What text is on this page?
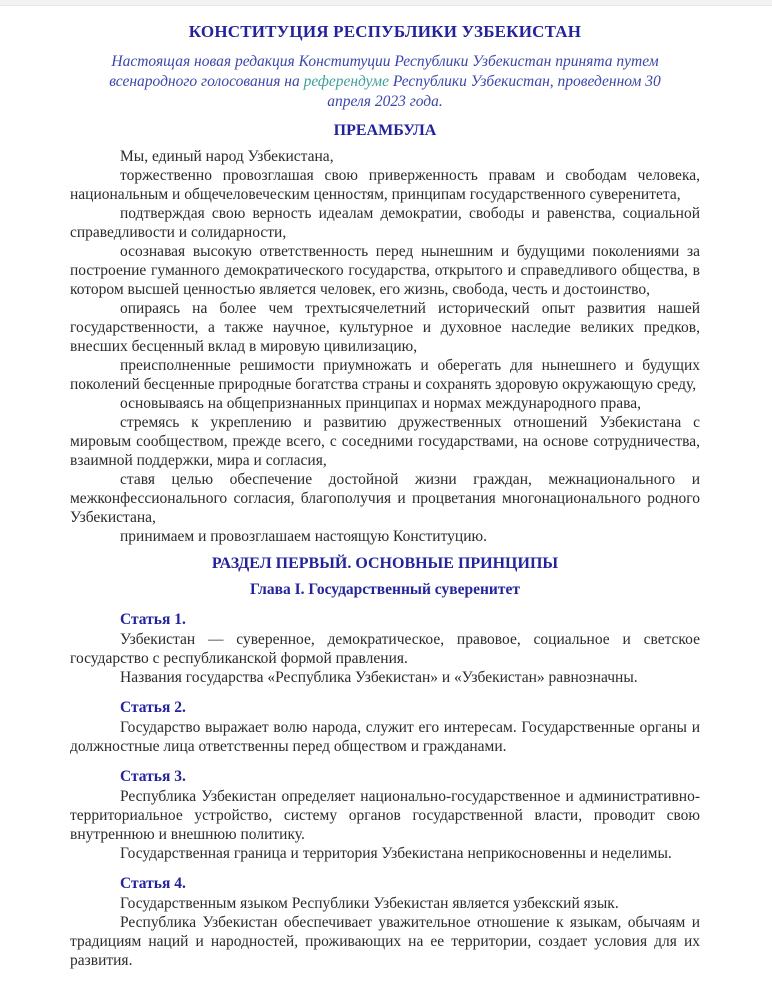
КОНСТИТУЦИЯ РЕСПУБЛИКИ УЗБЕКИСТАН
Настоящая новая редакция Конституции Республики Узбекистан принята путем всенародного голосования на референдуме Республики Узбекистан, проведенном 30 апреля 2023 года.
ПРЕАМБУЛА

Мы, единый народ Узбекистана,

торжественно провозглашая свою приверженность правам и свободам человека, национальным и общечеловеческим ценностям, принципам государственного суверенитета,

подтверждая свою верность идеалам демократии, свободы и равенства, социальной справедливости и солидарности,

осознавая высокую ответственность перед нынешним и будущими поколениями за построение гуманного демократического государства, открытого и справедливого общества, в котором высшей ценностью является человек, его жизнь, свобода, честь и достоинство,

опираясь на более чем трехтысячелетний исторический опыт развития нашей государственности, а также научное, культурное и духовное наследие великих предков, внесших бесценный вклад в мировую цивилизацию,

преисполненные решимости приумножать и оберегать для нынешнего и будущих поколений бесценные природные богатства страны и сохранять здоровую окружающую среду,

основываясь на общепризнанных принципах и нормах международного права,

стремясь к укреплению и развитию дружественных отношений Узбекистана с мировым сообществом, прежде всего, с соседними государствами, на основе сотрудничества, взаимной поддержки, мира и согласия,

ставя целью обеспечение достойной жизни граждан, межнационального и межконфессионального согласия, благополучия и процветания многонационального родного Узбекистана,

принимаем и провозглашаем настоящую Конституцию.

РАЗДЕЛ ПЕРВЫЙ. ОСНОВНЫЕ ПРИНЦИПЫ
Глава I. Государственный суверенитет
Статья 1.

Узбекистан — суверенное, демократическое, правовое, социальное и светское государство с республиканской формой правления.

Названия государства «Республика Узбекистан» и «Узбекистан» равнозначны.

Статья 2.

Государство выражает волю народа, служит его интересам. Государственные органы и должностные лица ответственны перед обществом и гражданами.

Статья 3.

Республика Узбекистан определяет национально-государственное и административно-территориальное устройство, систему органов государственной власти, проводит свою внутреннюю и внешнюю политику.

Государственная граница и территория Узбекистана неприкосновенны и неделимы.

Статья 4.

Государственным языком Республики Узбекистан является узбекский язык.

Республика Узбекистан обеспечивает уважительное отношение к языкам, обычаям и традициям наций и народностей, проживающих на ее территории, создает условия для их развития.
